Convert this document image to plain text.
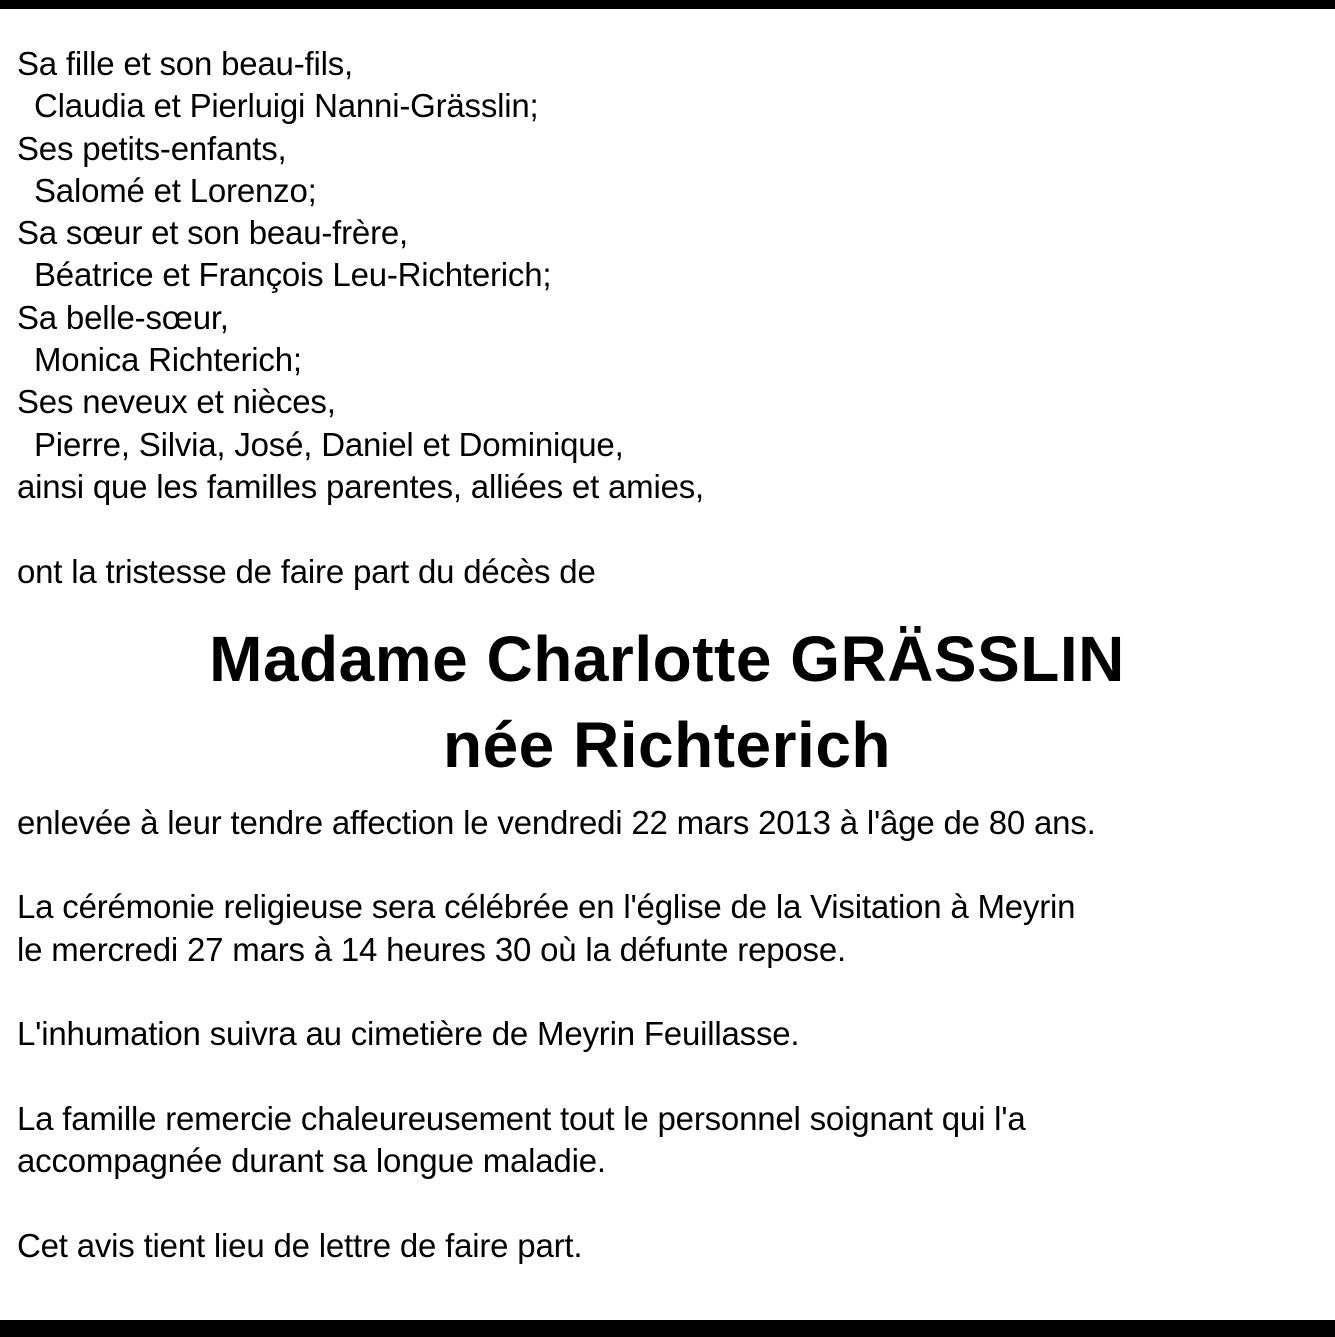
Sa fille et son beau-fils,
Claudia et Pierluigi Nanni-Grässlin;
Ses petits-enfants,
Salomé et Lorenzo;
Sa sœur et son beau-frère,
Béatrice et François Leu-Richterich;
Sa belle-sœur,
Monica Richterich;
Ses neveux et nièces,
Pierre, Silvia, José, Daniel et Dominique,
ainsi que les familles parentes, alliées et amies,
ont la tristesse de faire part du décès de
Madame Charlotte GRÄSSLIN
née Richterich
enlevée à leur tendre affection le vendredi 22 mars 2013 à l'âge de 80 ans.
La cérémonie religieuse sera célébrée en l'église de la Visitation à Meyrin
le mercredi 27 mars à 14 heures 30 où la défunte repose.
L'inhumation suivra au cimetière de Meyrin Feuillasse.
La famille remercie chaleureusement tout le personnel soignant qui l'a
accompagnée durant sa longue maladie.
Cet avis tient lieu de lettre de faire part.
